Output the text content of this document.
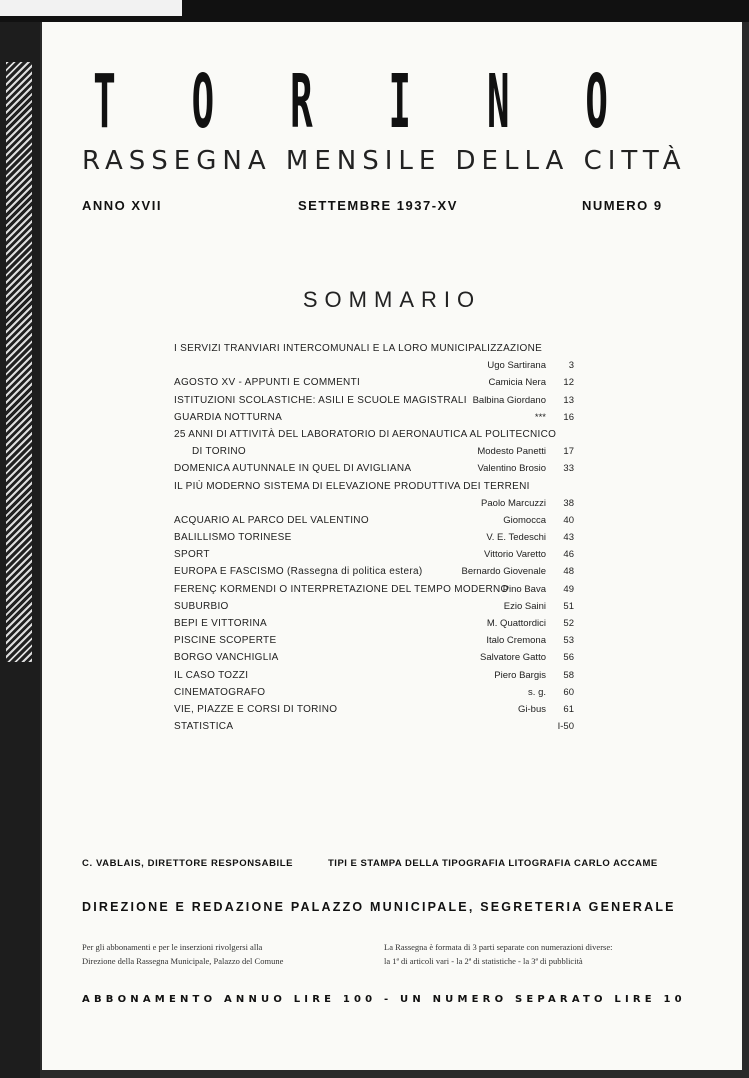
T O R I N O
RASSEGNA MENSILE DELLA CITTÀ
ANNO XVII	SETTEMBRE 1937-XV	NUMERO 9
SOMMARIO
I SERVIZI TRANVIARI INTERCOMUNALI E LA LORO MUNICIPALIZZAZIONE
Ugo Sartirana	3
AGOSTO XV - APPUNTI E COMMENTI	Camicia Nera	12
ISTITUZIONI SCOLASTICHE: ASILI E SCUOLE MAGISTRALI Balbina Giordano	13
GUARDIA NOTTURNA	***	16
25 ANNI DI ATTIVITÀ DEL LABORATORIO DI AERONAUTICA AL POLITECNICO
DI TORINO	Modesto Panetti	17
DOMENICA AUTUNNALE IN QUEL DI AVIGLIANA	Valentino Brosio	33
IL PIÙ MODERNO SISTEMA DI ELEVAZIONE PRODUTTIVA DEI TERRENI
Paolo Marcuzzi	38
ACQUARIO AL PARCO DEL VALENTINO	Giomocca	40
BALILLISMO TORINESE	V. E. Tedeschi	43
SPORT	Vittorio Varetto	46
EUROPA E FASCISMO (Rassegna di politica estera)	Bernardo Giovenale	48
FERENÇ KORMENDI O INTERPRETAZIONE DEL TEMPO MODERNO
Pino Bava	49
SUBURBIO	Ezio Saini	51
BEPI E VITTORINA	M. Quattordici	52
PISCINE SCOPERTE	Italo Cremona	53
BORGO VANCHIGLIA	Salvatore Gatto	56
IL CASO TOZZI	Piero Bargis	58
CINEMATOGRAFO	s. g.	60
VIE, PIAZZE E CORSI DI TORINO	Gi-bus	61
STATISTICA	I-50
C. VABLAIS, DIRETTORE RESPONSABILE	TIPI E STAMPA DELLA TIPOGRAFIA LITOGRAFIA CARLO ACCAME
DIREZIONE E REDAZIONE PALAZZO MUNICIPALE, SEGRETERIA GENERALE
Per gli abbonamenti e per le inserzioni rivolgersi alla
Direzione della Rassegna Municipale, Palazzo del Comune
La Rassegna è formata di 3 parti separate con numerazioni diverse:
la 1ª di articoli vari - la 2ª di statistiche - la 3ª di pubblicità
ABBONAMENTO ANNUO LIRE 100 - UN NUMERO SEPARATO LIRE 10
